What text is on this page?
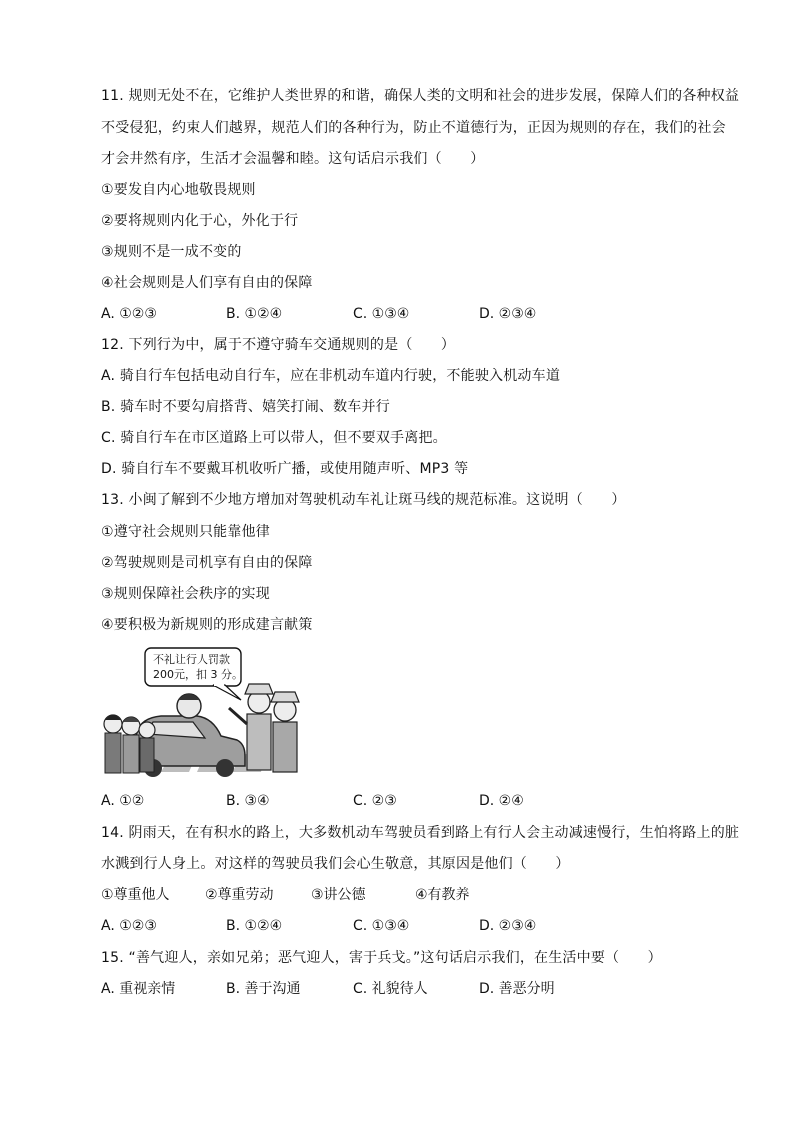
11. 规则无处不在，它维护人类世界的和谐，确保人类的文明和社会的进步发展，保障人们的各种权益
不受侵犯，约束人们越界，规范人们的各种行为，防止不道德行为，正因为规则的存在，我们的社会
才会井然有序，生活才会温馨和睦。这句话启示我们（　　）
①要发自内心地敬畏规则
②要将规则内化于心，外化于行
③规则不是一成不变的
④社会规则是人们享有自由的保障
A. ①②③	B. ①②④	C. ①③④	D. ②③④
12. 下列行为中，属于不遵守骑车交通规则的是（　　）
A. 骑自行车包括电动自行车，应在非机动车道内行驶，不能驶入机动车道
B. 骑车时不要勾肩搭背、嬉笑打闹、数车并行
C. 骑自行车在市区道路上可以带人，但不要双手离把。
D. 骑自行车不要戴耳机收听广播，或使用随声听、MP3 等
13. 小闽了解到不少地方增加对驾驶机动车礼让斑马线的规范标准。这说明（　　）
①遵守社会规则只能靠他律
②驾驶规则是司机享有自由的保障
③规则保障社会秩序的实现
④要积极为新规则的形成建言献策
不礼让行人罚款
200元，扣 3 分。
A. ①②	B. ③④	C. ②③	D. ②④
14. 阴雨天，在有积水的路上，大多数机动车驾驶员看到路上有行人会主动减速慢行，生怕将路上的脏
水溅到行人身上。对这样的驾驶员我们会心生敬意，其原因是他们（　　）
①尊重他人	②尊重劳动	③讲公德	④有教养
A. ①②③	B. ①②④	C. ①③④	D. ②③④
15. “善气迎人，亲如兄弟；恶气迎人，害于兵戈。”这句话启示我们，在生活中要（　　）
A. 重视亲情	B. 善于沟通	C. 礼貌待人	D. 善恶分明
